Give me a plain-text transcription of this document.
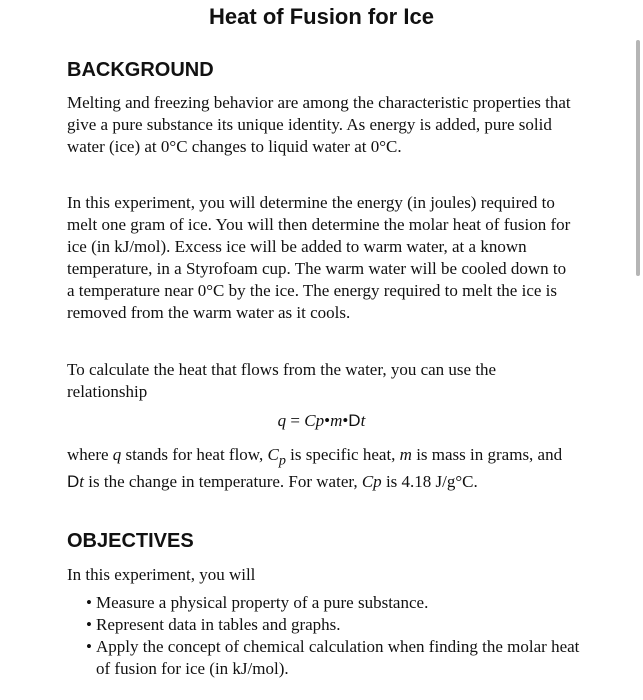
Heat of Fusion for Ice
BACKGROUND

Melting and freezing behavior are among the characteristic properties that give a pure substance its unique identity. As energy is added, pure solid water (ice) at 0°C changes to liquid water at 0°C.

In this experiment, you will determine the energy (in joules) required to melt one gram of ice. You will then determine the molar heat of fusion for ice (in kJ/mol). Excess ice will be added to warm water, at a known temperature, in a Styrofoam cup. The warm water will be cooled down to a temperature near 0°C by the ice. The energy required to melt the ice is removed from the warm water as it cools.

To calculate the heat that flows from the water, you can use the relationship

q = Cp•m•Dt

where q stands for heat flow, $C_p$ is specific heat, m is mass in grams, and Dt is the change in temperature. For water, Cp is 4.18 J/g°C.

OBJECTIVES

In this experiment, you will

• Measure a physical property of a pure substance.
• Represent data in tables and graphs.
• Apply the concept of chemical calculation when finding the molar heat of fusion for ice (in kJ/mol).
